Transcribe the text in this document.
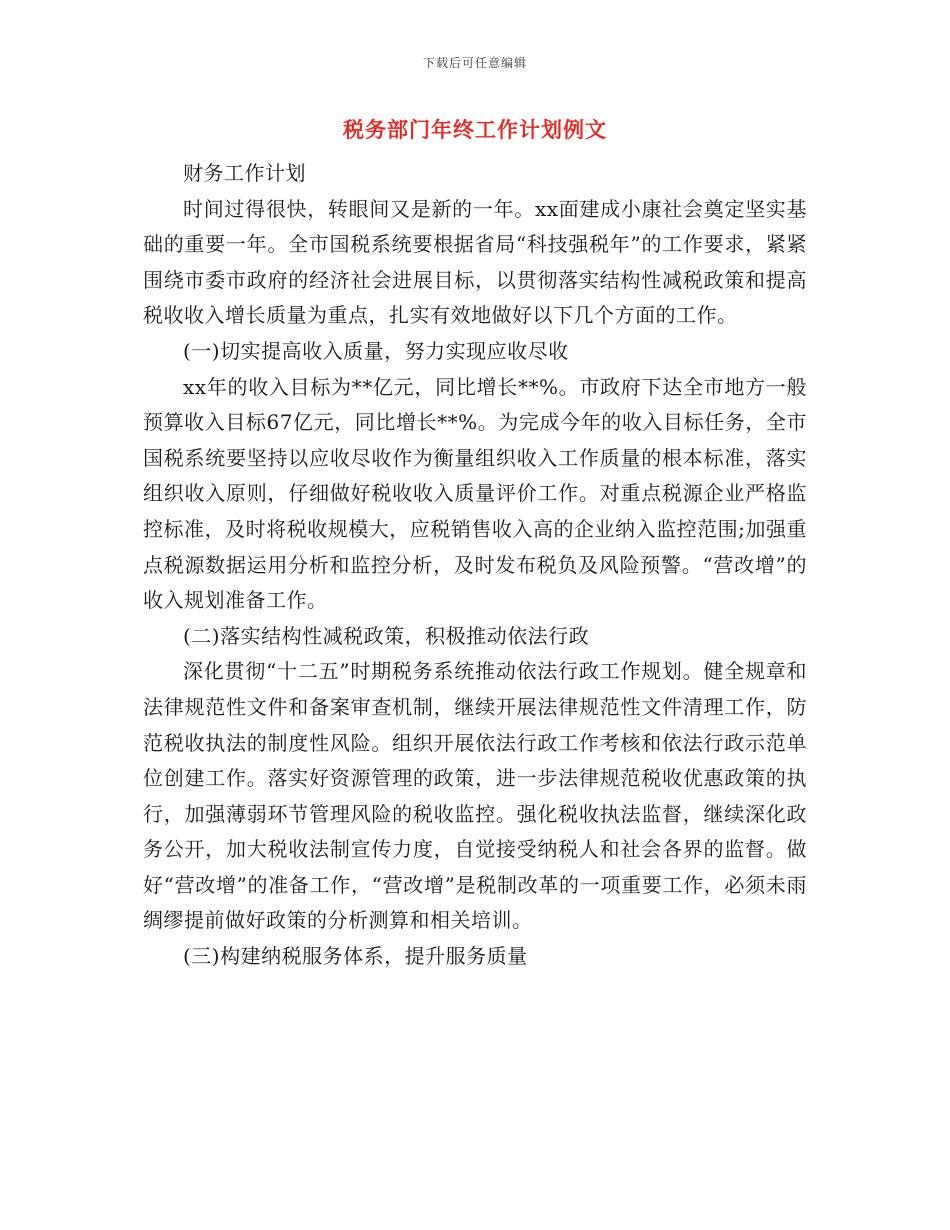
下载后可任意编辑
税务部门年终工作计划例文

财务工作计划

时间过得很快，转眼间又是新的一年。xx面建成小康社会奠定坚实基础的重要一年。全市国税系统要根据省局“科技强税年”的工作要求，紧紧围绕市委市政府的经济社会进展目标，以贯彻落实结构性减税政策和提高税收收入增长质量为重点，扎实有效地做好以下几个方面的工作。

(一)切实提高收入质量，努力实现应收尽收

xx年的收入目标为**亿元，同比增长**%。市政府下达全市地方一般预算收入目标67亿元，同比增长**%。为完成今年的收入目标任务，全市国税系统要坚持以应收尽收作为衡量组织收入工作质量的根本标准，落实组织收入原则，仔细做好税收收入质量评价工作。对重点税源企业严格监控标准，及时将税收规模大，应税销售收入高的企业纳入监控范围;加强重点税源数据运用分析和监控分析，及时发布税负及风险预警。“营改增”的收入规划准备工作。

(二)落实结构性减税政策，积极推动依法行政

深化贯彻“十二五”时期税务系统推动依法行政工作规划。健全规章和法律规范性文件和备案审查机制，继续开展法律规范性文件清理工作，防范税收执法的制度性风险。组织开展依法行政工作考核和依法行政示范单位创建工作。落实好资源管理的政策，进一步法律规范税收优惠政策的执行，加强薄弱环节管理风险的税收监控。强化税收执法监督，继续深化政务公开，加大税收法制宣传力度，自觉接受纳税人和社会各界的监督。做好“营改增”的准备工作，“营改增”是税制改革的一项重要工作，必须未雨绸缪提前做好政策的分析测算和相关培训。

(三)构建纳税服务体系，提升服务质量
